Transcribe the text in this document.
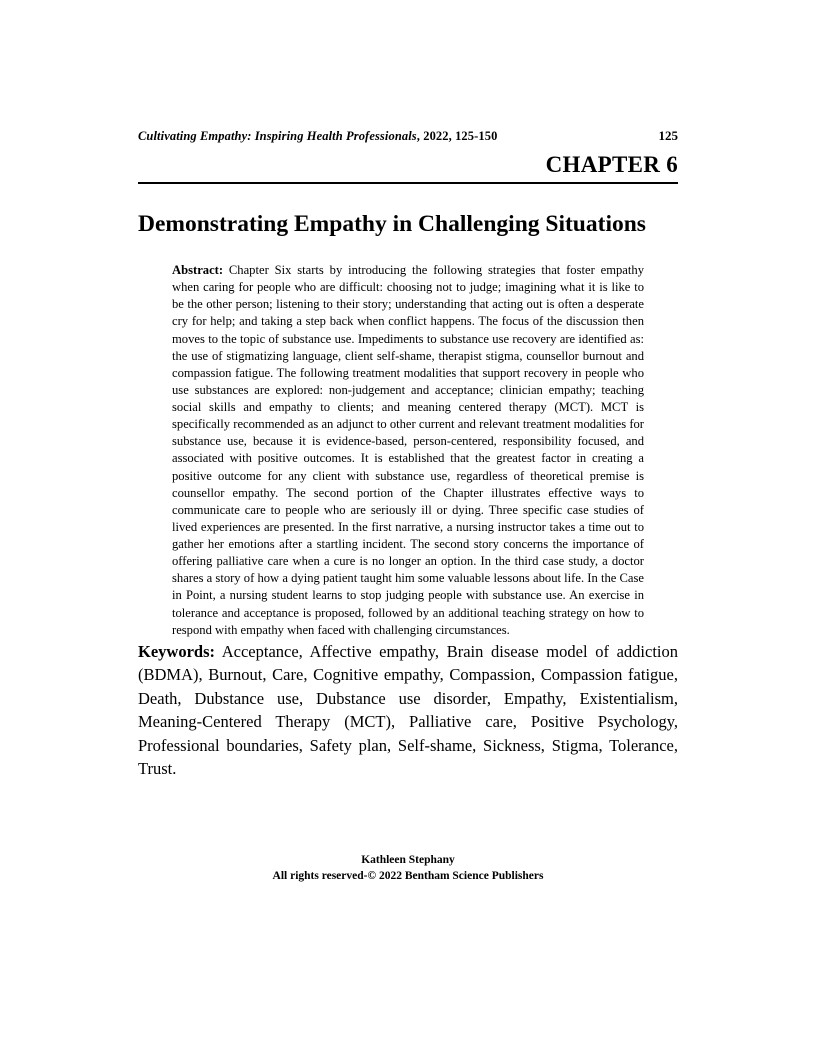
Cultivating Empathy: Inspiring Health Professionals, 2022, 125-150	125
CHAPTER 6
Demonstrating Empathy in Challenging Situations
Abstract: Chapter Six starts by introducing the following strategies that foster empathy when caring for people who are difficult: choosing not to judge; imagining what it is like to be the other person; listening to their story; understanding that acting out is often a desperate cry for help; and taking a step back when conflict happens. The focus of the discussion then moves to the topic of substance use. Impediments to substance use recovery are identified as: the use of stigmatizing language, client self-shame, therapist stigma, counsellor burnout and compassion fatigue. The following treatment modalities that support recovery in people who use substances are explored: non-judgement and acceptance; clinician empathy; teaching social skills and empathy to clients; and meaning centered therapy (MCT). MCT is specifically recommended as an adjunct to other current and relevant treatment modalities for substance use, because it is evidence-based, person-centered, responsibility focused, and associated with positive outcomes. It is established that the greatest factor in creating a positive outcome for any client with substance use, regardless of theoretical premise is counsellor empathy. The second portion of the Chapter illustrates effective ways to communicate care to people who are seriously ill or dying. Three specific case studies of lived experiences are presented. In the first narrative, a nursing instructor takes a time out to gather her emotions after a startling incident. The second story concerns the importance of offering palliative care when a cure is no longer an option. In the third case study, a doctor shares a story of how a dying patient taught him some valuable lessons about life. In the Case in Point, a nursing student learns to stop judging people with substance use. An exercise in tolerance and acceptance is proposed, followed by an additional teaching strategy on how to respond with empathy when faced with challenging circumstances.
Keywords: Acceptance, Affective empathy, Brain disease model of addiction (BDMA), Burnout, Care, Cognitive empathy, Compassion, Compassion fatigue, Death, Dubstance use, Dubstance use disorder, Empathy, Existentialism, Meaning-Centered Therapy (MCT), Palliative care, Positive Psychology, Professional boundaries, Safety plan, Self-shame, Sickness, Stigma, Tolerance, Trust.
Kathleen Stephany
All rights reserved-© 2022 Bentham Science Publishers
